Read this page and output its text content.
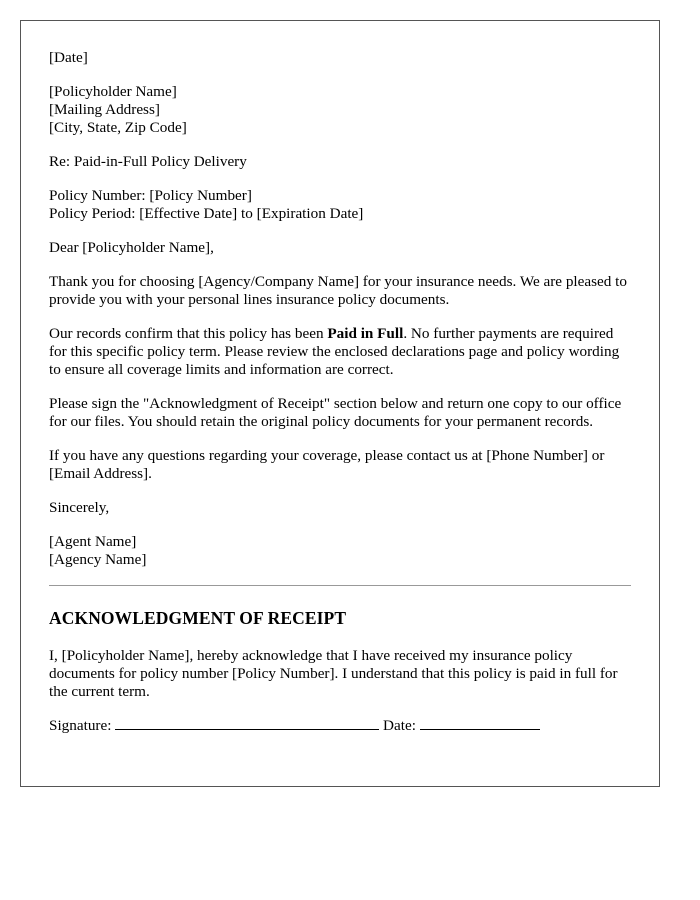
[Date]
[Policyholder Name]
[Mailing Address]
[City, State, Zip Code]
Re: Paid-in-Full Policy Delivery
Policy Number: [Policy Number]
Policy Period: [Effective Date] to [Expiration Date]
Dear [Policyholder Name],

Thank you for choosing [Agency/Company Name] for your insurance needs. We are pleased to provide you with your personal lines insurance policy documents.

Our records confirm that this policy has been Paid in Full. No further payments are required for this specific policy term. Please review the enclosed declarations page and policy wording to ensure all coverage limits and information are correct.

Please sign the "Acknowledgment of Receipt" section below and return one copy to our office for our files. You should retain the original policy documents for your permanent records.

If you have any questions regarding your coverage, please contact us at [Phone Number] or [Email Address].

Sincerely,
[Agent Name]
[Agency Name]
ACKNOWLEDGMENT OF RECEIPT

I, [Policyholder Name], hereby acknowledge that I have received my insurance policy documents for policy number [Policy Number]. I understand that this policy is paid in full for the current term.

Signature:	Date:
